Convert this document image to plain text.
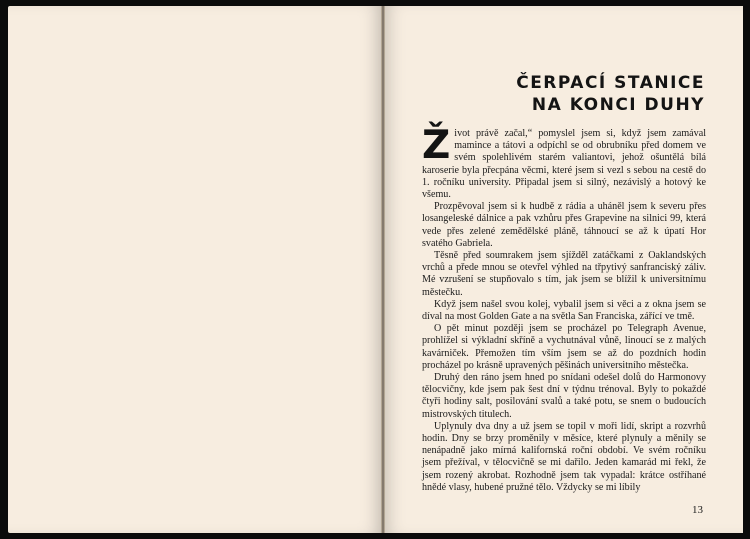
ČERPACÍ STANICE
NA KONCI DUHY

Život právě začal,“ pomyslel jsem si, když jsem zamával mamince a tátovi a odpíchl se od obrubníku před domem ve svém spolehlivém starém valiantovi, jehož ošuntělá bílá karoserie byla přecpána věcmi, které jsem si vezl s sebou na cestě do 1. ročníku university. Připadal jsem si silný, nezávislý a hotový ke všemu.

Prozpěvoval jsem si k hudbě z rádia a uháněl jsem k severu přes losangeleské dálnice a pak vzhůru přes Grapevine na silnici 99, která vede přes zelené zemědělské pláně, táhnoucí se až k úpatí Hor svatého Gabriela.

Těsně před soumrakem jsem sjížděl zatáčkami z Oaklandských vrchů a přede mnou se otevřel výhled na třpytivý sanfranciský záliv. Mé vzrušení se stupňovalo s tím, jak jsem se blížil k universitnímu městečku.

Když jsem našel svou kolej, vybalil jsem si věci a z okna jsem se díval na most Golden Gate a na světla San Franciska, zářící ve tmě.

O pět minut později jsem se procházel po Telegraph Avenue, prohlížel si výkladní skříně a vychutnával vůně, linoucí se z malých kavárniček. Přemožen tím vším jsem se až do pozdních hodin procházel po krásně upravených pěšinách universitního městečka.

Druhý den ráno jsem hned po snídani odešel dolů do Harmonovy tělocvičny, kde jsem pak šest dní v týdnu trénoval. Byly to pokaždé čtyři hodiny salt, posilování svalů a také potu, se snem o budoucích mistrovských titulech.

Uplynuly dva dny a už jsem se topil v moři lidí, skript a rozvrhů hodin. Dny se brzy proměnily v měsíce, které plynuly a měnily se nenápadně jako mírná kalifornská roční období. Ve svém ročníku jsem přežíval, v tělocvičně se mi dařilo. Jeden kamarád mi řekl, že jsem rozený akrobat. Rozhodně jsem tak vypadal: krátce ostříhané hnědé vlasy, hubené pružné tělo. Vždycky se mi líbily

13
